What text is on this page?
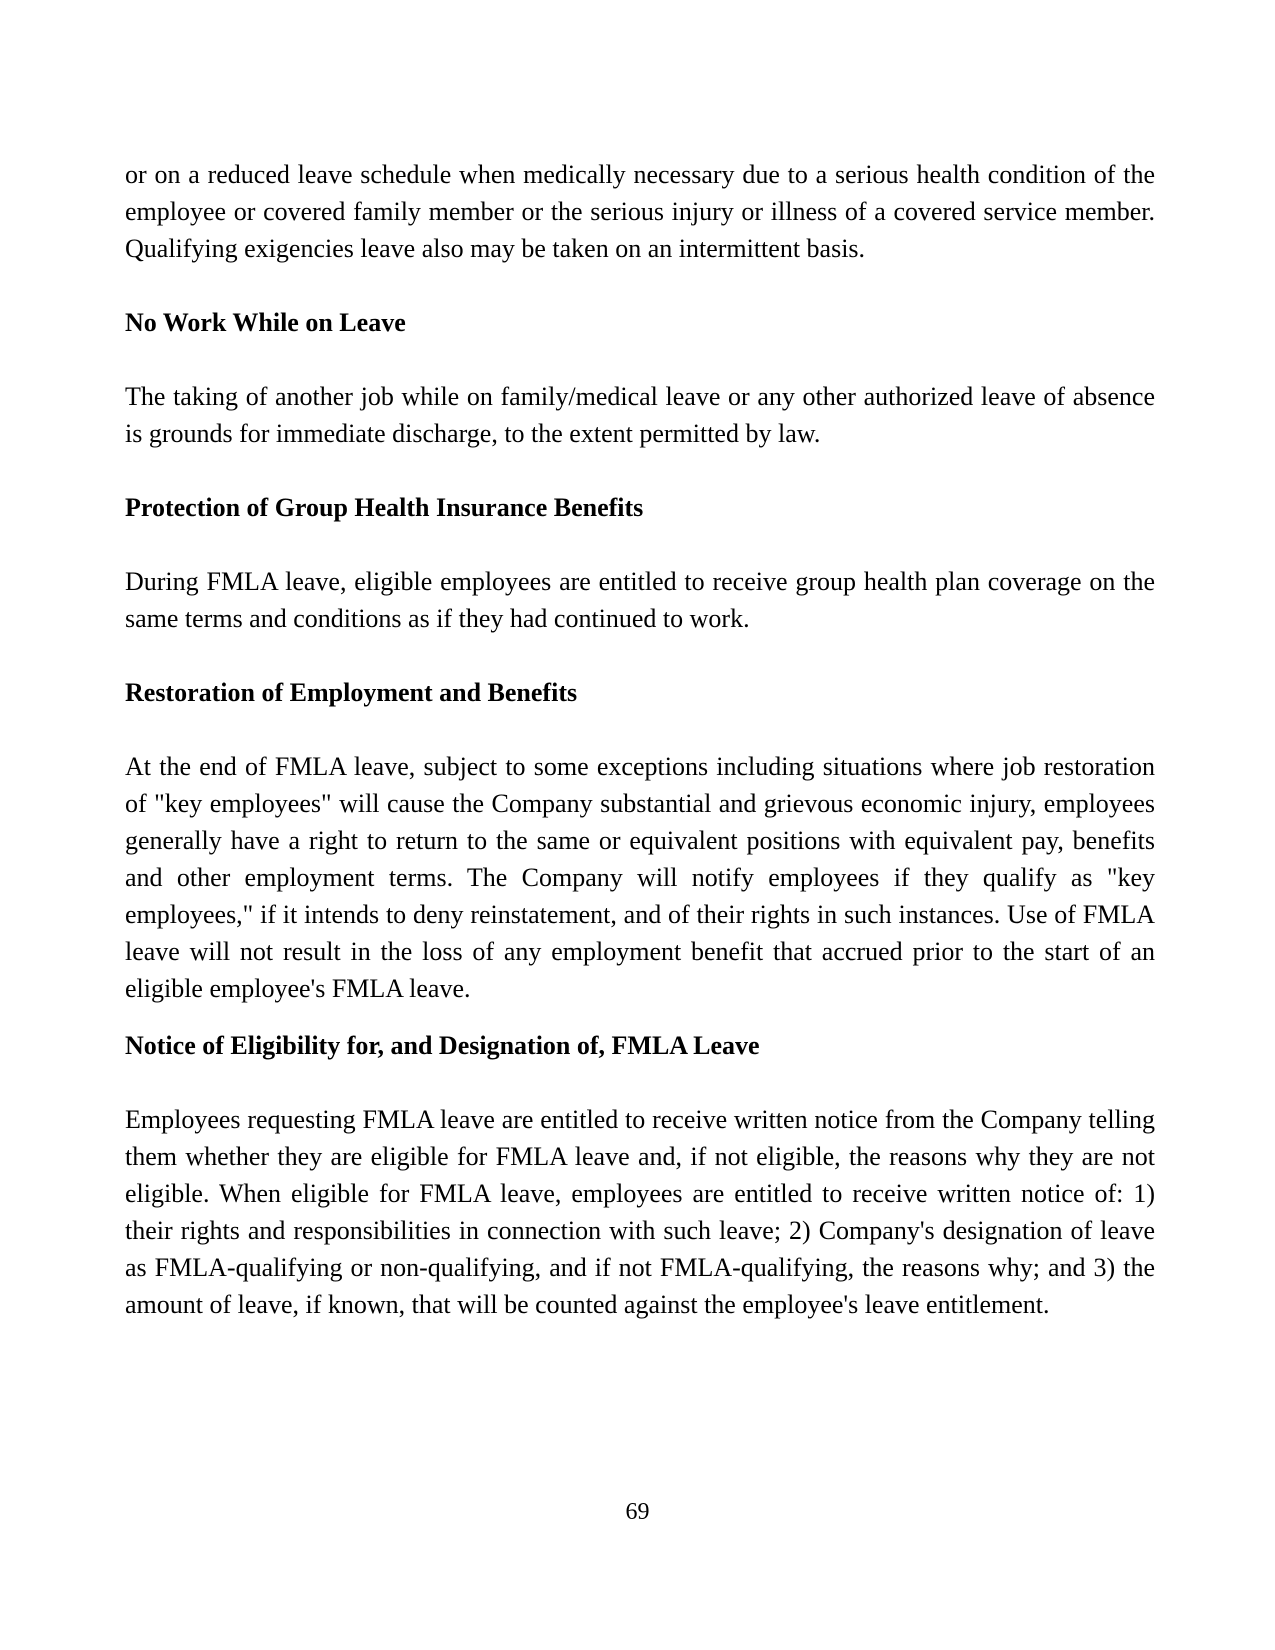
or on a reduced leave schedule when medically necessary due to a serious health condition of the employee or covered family member or the serious injury or illness of a covered service member. Qualifying exigencies leave also may be taken on an intermittent basis.

No Work While on Leave

The taking of another job while on family/medical leave or any other authorized leave of absence is grounds for immediate discharge, to the extent permitted by law.

Protection of Group Health Insurance Benefits

During FMLA leave, eligible employees are entitled to receive group health plan coverage on the same terms and conditions as if they had continued to work.

Restoration of Employment and Benefits

At the end of FMLA leave, subject to some exceptions including situations where job restoration of "key employees" will cause the Company substantial and grievous economic injury, employees generally have a right to return to the same or equivalent positions with equivalent pay, benefits and other employment terms. The Company will notify employees if they qualify as "key employees," if it intends to deny reinstatement, and of their rights in such instances. Use of FMLA leave will not result in the loss of any employment benefit that accrued prior to the start of an eligible employee's FMLA leave.

Notice of Eligibility for, and Designation of, FMLA Leave

Employees requesting FMLA leave are entitled to receive written notice from the Company telling them whether they are eligible for FMLA leave and, if not eligible, the reasons why they are not eligible. When eligible for FMLA leave, employees are entitled to receive written notice of: 1) their rights and responsibilities in connection with such leave; 2) Company's designation of leave as FMLA-qualifying or non-qualifying, and if not FMLA-qualifying, the reasons why; and 3) the amount of leave, if known, that will be counted against the employee's leave entitlement.

69
